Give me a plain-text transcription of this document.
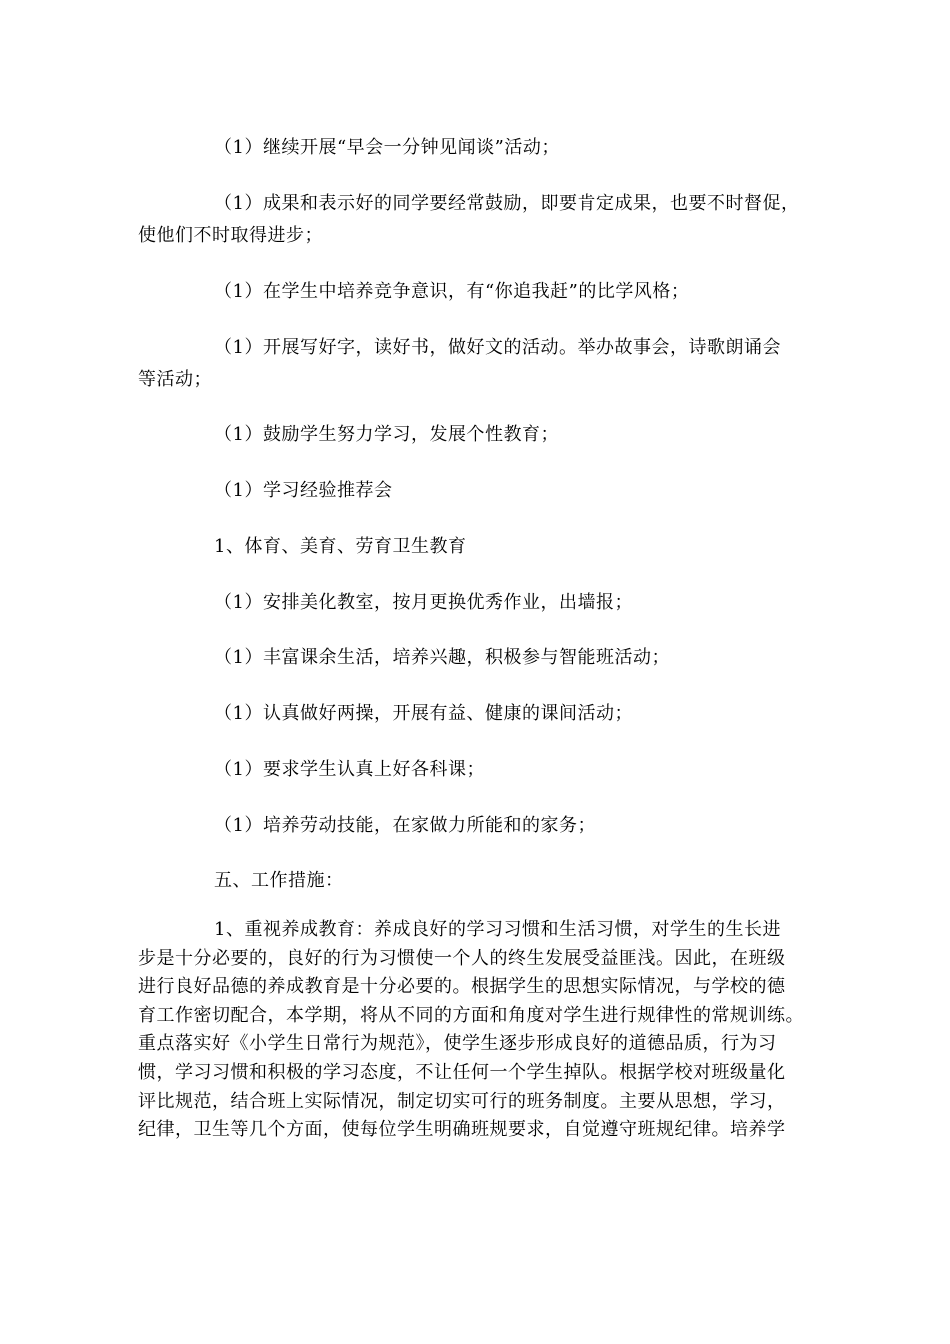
（1）继续开展“早会一分钟见闻谈”活动；
（1）成果和表示好的同学要经常鼓励，即要肯定成果，也要不时督促，
使他们不时取得进步；
（1）在学生中培养竞争意识，有“你追我赶”的比学风格；
（1）开展写好字，读好书，做好文的活动。举办故事会，诗歌朗诵会
等活动；
（1）鼓励学生努力学习，发展个性教育；
（1）学习经验推荐会
1、体育、美育、劳育卫生教育
（1）安排美化教室，按月更换优秀作业，出墙报；
（1）丰富课余生活，培养兴趣，积极参与智能班活动；
（1）认真做好两操，开展有益、健康的课间活动；
（1）要求学生认真上好各科课；
（1）培养劳动技能，在家做力所能和的家务；
五、工作措施：
1、重视养成教育：养成良好的学习习惯和生活习惯，对学生的生长进
步是十分必要的，良好的行为习惯使一个人的终生发展受益匪浅。因此，在班级
进行良好品德的养成教育是十分必要的。根据学生的思想实际情况，与学校的德
育工作密切配合，本学期，将从不同的方面和角度对学生进行规律性的常规训练。
重点落实好《小学生日常行为规范》，使学生逐步形成良好的道德品质，行为习
惯，学习习惯和积极的学习态度，不让任何一个学生掉队。根据学校对班级量化
评比规范，结合班上实际情况，制定切实可行的班务制度。主要从思想，学习，
纪律，卫生等几个方面，使每位学生明确班规要求，自觉遵守班规纪律。培养学
